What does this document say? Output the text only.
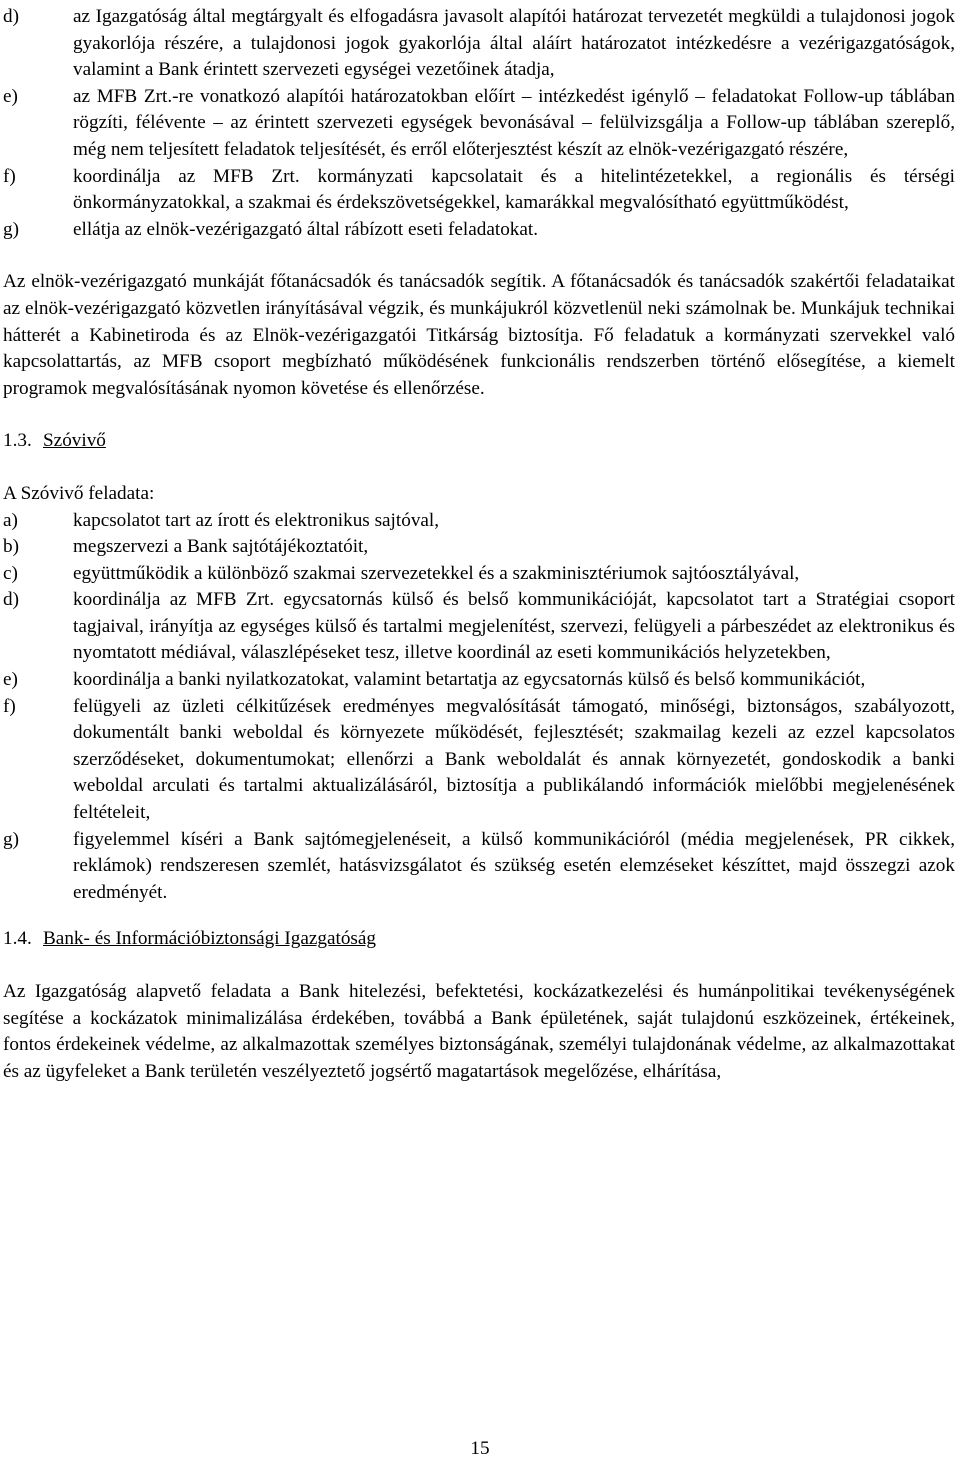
d)	az Igazgatóság által megtárgyalt és elfogadásra javasolt alapítói határozat tervezetét megküldi a tulajdonosi jogok gyakorlója részére, a tulajdonosi jogok gyakorlója által aláírt határozatot intézkedésre a vezérigazgatóságok, valamint a Bank érintett szervezeti egységei vezetőinek átadja,
e)	az MFB Zrt.-re vonatkozó alapítói határozatokban előírt – intézkedést igénylő – feladatokat Follow-up táblában rögzíti, félévente – az érintett szervezeti egységek bevonásával – felülvizsgálja a Follow-up táblában szereplő, még nem teljesített feladatok teljesítését, és erről előterjesztést készít az elnök-vezérigazgató részére,
f)	koordinálja az MFB Zrt. kormányzati kapcsolatait és a hitelintézetekkel, a regionális és térségi önkormányzatokkal, a szakmai és érdekszövetségekkel, kamarákkal megvalósítható együttműködést,
g)	ellátja az elnök-vezérigazgató által rábízott eseti feladatokat.

Az elnök-vezérigazgató munkáját főtanácsadók és tanácsadók segítik. A főtanácsadók és tanácsadók szakértői feladataikat az elnök-vezérigazgató közvetlen irányításával végzik, és munkájukról közvetlenül neki számolnak be. Munkájuk technikai hátterét a Kabinetiroda és az Elnök-vezérigazgatói Titkárság biztosítja. Fő feladatuk a kormányzati szervekkel való kapcsolattartás, az MFB csoport megbízható működésének funkcionális rendszerben történő elősegítése, a kiemelt programok megvalósításának nyomon követése és ellenőrzése.

1.3. Szóvivő

A Szóvivő feladata:

a)	kapcsolatot tart az írott és elektronikus sajtóval,
b)	megszervezi a Bank sajtótájékoztatóit,
c)	együttműködik a különböző szakmai szervezetekkel és a szakminisztériumok sajtóosztályával,
d)	koordinálja az MFB Zrt. egycsatornás külső és belső kommunikációját, kapcsolatot tart a Stratégiai csoport tagjaival, irányítja az egységes külső és tartalmi megjelenítést, szervezi, felügyeli a párbeszédet az elektronikus és nyomtatott médiával, válaszlépéseket tesz, illetve koordinál az eseti kommunikációs helyzetekben,
e)	koordinálja a banki nyilatkozatokat, valamint betartatja az egycsatornás külső és belső kommunikációt,
f)	felügyeli az üzleti célkitűzések eredményes megvalósítását támogató, minőségi, biztonságos, szabályozott, dokumentált banki weboldal és környezete működését, fejlesztését; szakmailag kezeli az ezzel kapcsolatos szerződéseket, dokumentumokat; ellenőrzi a Bank weboldalát és annak környezetét, gondoskodik a banki weboldal arculati és tartalmi aktualizálásáról, biztosítja a publikálandó információk mielőbbi megjelenésének feltételeit,
g)	figyelemmel kíséri a Bank sajtómegjelenéseit, a külső kommunikációról (média megjelenések, PR cikkek, reklámok) rendszeresen szemlét, hatásvizsgálatot és szükség esetén elemzéseket készíttet, majd összegzi azok eredményét.

1.4. Bank- és Információbiztonsági Igazgatóság

Az Igazgatóság alapvető feladata a Bank hitelezési, befektetési, kockázatkezelési és humánpolitikai tevékenységének segítése a kockázatok minimalizálása érdekében, továbbá a Bank épületének, saját tulajdonú eszközeinek, értékeinek, fontos érdekeinek védelme, az alkalmazottak személyes biztonságának, személyi tulajdonának védelme, az alkalmazottakat és az ügyfeleket a Bank területén veszélyeztető jogsértő magatartások megelőzése, elhárítása,

15
